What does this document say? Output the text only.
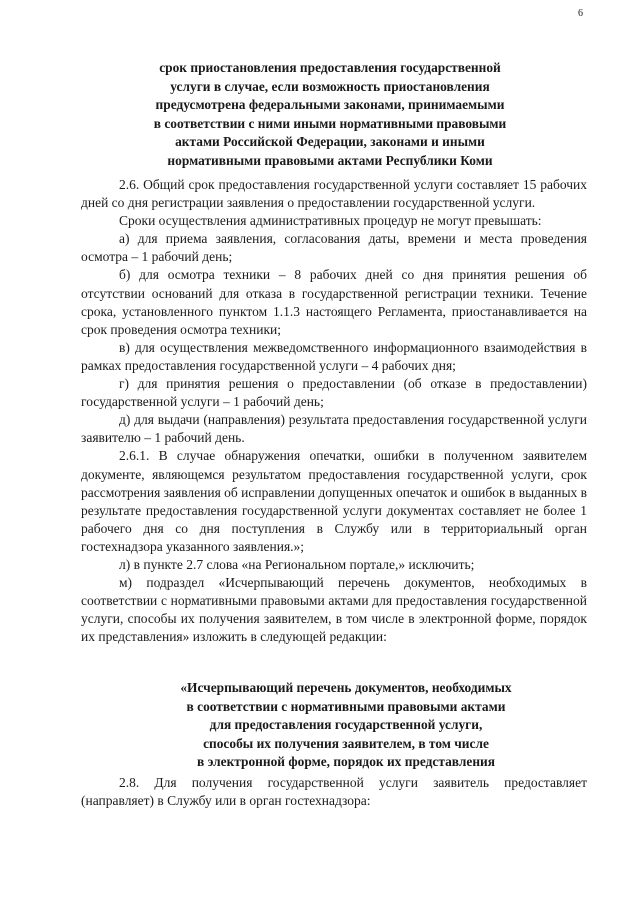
6
срок приостановления предоставления государственной
услуги в случае, если возможность приостановления
предусмотрена федеральными законами, принимаемыми
в соответствии с ними иными нормативными правовыми
актами Российской Федерации, законами и иными
нормативными правовыми актами Республики Коми

2.6. Общий срок предоставления государственной услуги составляет 15 рабочих дней со дня регистрации заявления о предоставлении государственной услуги.

Сроки осуществления административных процедур не могут превышать:

а) для приема заявления, согласования даты, времени и места проведения осмотра – 1 рабочий день;

б) для осмотра техники – 8 рабочих дней со дня принятия решения об отсутствии оснований для отказа в государственной регистрации техники. Течение срока, установленного пунктом 1.1.3 настоящего Регламента, приостанавливается на срок проведения осмотра техники;

в) для осуществления межведомственного информационного взаимодействия в рамках предоставления государственной услуги – 4 рабочих дня;

г) для принятия решения о предоставлении (об отказе в предоставлении) государственной услуги – 1 рабочий день;

д) для выдачи (направления) результата предоставления государственной услуги заявителю – 1 рабочий день.

2.6.1. В случае обнаружения опечатки, ошибки в полученном заявителем документе, являющемся результатом предоставления государственной услуги, срок рассмотрения заявления об исправлении допущенных опечаток и ошибок в выданных в результате предоставления государственной услуги документах составляет не более 1 рабочего дня со дня поступления в Службу или в территориальный орган гостехнадзора указанного заявления.»;

л) в пункте 2.7 слова «на Региональном портале,» исключить;

м) подраздел «Исчерпывающий перечень документов, необходимых в соответствии с нормативными правовыми актами для предоставления государственной услуги, способы их получения заявителем, в том числе в электронной форме, порядок их представления» изложить в следующей редакции:

«Исчерпывающий перечень документов, необходимых
в соответствии с нормативными правовыми актами
для предоставления государственной услуги,
способы их получения заявителем, в том числе
в электронной форме, порядок их представления

2.8. Для получения государственной услуги заявитель предоставляет (направляет) в Службу или в орган гостехнадзора:
